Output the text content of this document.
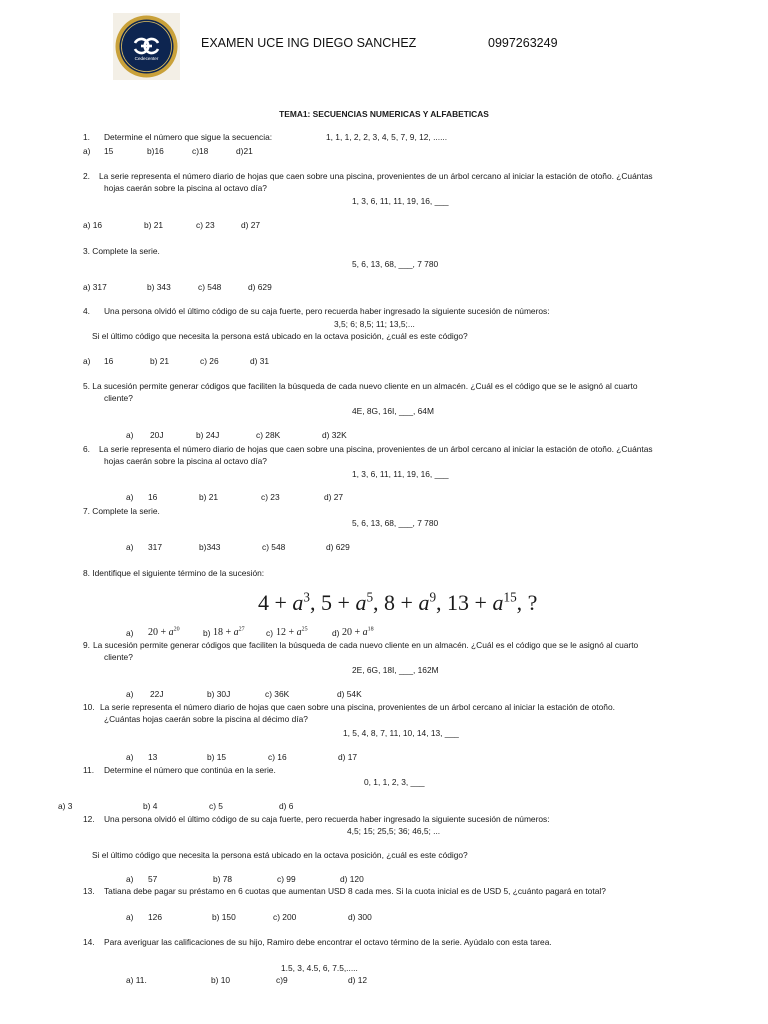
Cedecenter
EXAMEN UCE ING DIEGO SANCHEZ	0997263249
TEMA1: SECUENCIAS NUMERICAS Y ALFABETICAS
1. Determine el número que sigue la secuencia:	1, 1, 1, 2, 2, 3, 4, 5, 7, 9, 12, ......
a) 15	b)16	c)18	d)21
2. La serie representa el número diario de hojas que caen sobre una piscina, provenientes de un árbol cercano al iniciar la estación de otoño. ¿Cuántas
hojas caerán sobre la piscina al octavo día?
1, 3, 6, 11, 11, 19, 16, ___
a) 16	b) 21	c) 23	d) 27
3. Complete la serie.
5, 6, 13, 68, ___, 7 780
a) 317	b) 343	c) 548	d) 629
4. Una persona olvidó el último código de su caja fuerte, pero recuerda haber ingresado la siguiente sucesión de números:
3,5; 6; 8,5; 11; 13,5;...
Si el último código que necesita la persona está ubicado en la octava posición, ¿cuál es este código?
a) 16	b) 21	c) 26	d) 31
5. La sucesión permite generar códigos que faciliten la búsqueda de cada nuevo cliente en un almacén. ¿Cuál es el código que se le asignó al cuarto
cliente?
4E, 8G, 16I, ___, 64M
a) 20J	b) 24J	c) 28K	d) 32K
6. La serie representa el número diario de hojas que caen sobre una piscina, provenientes de un árbol cercano al iniciar la estación de otoño. ¿Cuántas
hojas caerán sobre la piscina al octavo día?
1, 3, 6, 11, 11, 19, 16, ___
a) 16	b) 21	c) 23	d) 27
7. Complete la serie.
5, 6, 13, 68, ___, 7 780
a) 317	b)343	c) 548	d) 629
8. Identifique el siguiente término de la sucesión:
$4 + a^3$, $5 + a^5$, $8 + a^9$, $13 + a^{15}$, ?
a) $20 + a^{20}$	b) $18 + a^{27}$	c) $12 + a^{25}$	d) $20 + a^{18}$
9. La sucesión permite generar códigos que faciliten la búsqueda de cada nuevo cliente en un almacén. ¿Cuál es el código que se le asignó al cuarto
cliente?
2E, 6G, 18I, ___, 162M
a) 22J	b) 30J	c) 36K	d) 54K
10. La serie representa el número diario de hojas que caen sobre una piscina, provenientes de un árbol cercano al iniciar la estación de otoño.
¿Cuántas hojas caerán sobre la piscina al décimo día?
1, 5, 4, 8, 7, 11, 10, 14, 13, ___
a) 13	b) 15	c) 16	d) 17
11. Determine el número que continúa en la serie.
0, 1, 1, 2, 3, ___
a) 3	b) 4	c) 5	d) 6
12. Una persona olvidó el último código de su caja fuerte, pero recuerda haber ingresado la siguiente sucesión de números:
4,5; 15; 25,5; 36; 46,5; ...
Si el último código que necesita la persona está ubicado en la octava posición, ¿cuál es este código?
a) 57	b) 78	c) 99	d) 120
13. Tatiana debe pagar su préstamo en 6 cuotas que aumentan USD 8 cada mes. Si la cuota inicial es de USD 5, ¿cuánto pagará en total?
a) 126	b) 150	c) 200	d) 300
14. Para averiguar las calificaciones de su hijo, Ramiro debe encontrar el octavo término de la serie. Ayúdalo con esta tarea.
1.5, 3, 4.5, 6, 7.5,.....
a) 11.	b) 10	c)9	d) 12
